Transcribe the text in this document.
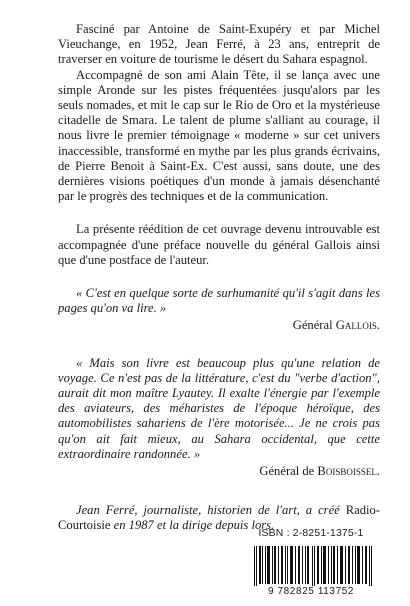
Fasciné par Antoine de Saint-Exupéry et par Michel Vieuchange, en 1952, Jean Ferré, à 23 ans, entreprit de traverser en voiture de tourisme le désert du Sahara espagnol.

Accompagné de son ami Alain Tête, il se lança avec une simple Aronde sur les pistes fréquentées jusqu'alors par les seuls nomades, et mit le cap sur le Rio de Oro et la mystérieuse citadelle de Smara. Le talent de plume s'alliant au courage, il nous livre le premier témoignage « moderne » sur cet univers inaccessible, transformé en mythe par les plus grands écrivains, de Pierre Benoit à Saint-Ex. C'est aussi, sans doute, une des dernières visions poétiques d'un monde à jamais désenchanté par le progrès des techniques et de la communication.

La présente réédition de cet ouvrage devenu introuvable est accompagnée d'une préface nouvelle du général Gallois ainsi que d'une postface de l'auteur.

« C'est en quelque sorte de surhumanité qu'il s'agit dans les pages qu'on va lire. »

Général Gallois.

« Mais son livre est beaucoup plus qu'une relation de voyage. Ce n'est pas de la littérature, c'est du "verbe d'action", aurait dit mon maître Lyautey. Il exalte l'énergie par l'exemple des aviateurs, des méharistes de l'époque héroïque, des automobilistes sahariens de l'ère motorisée... Je ne crois pas qu'on ait fait mieux, au Sahara occidental, que cette extraordinaire randonnée. »

Général de Boisboissel.

Jean Ferré, journaliste, historien de l'art, a créé Radio-Courtoisie en 1987 et la dirige depuis lors.

ISBN : 2-8251-1375-1
9 782825 113752
